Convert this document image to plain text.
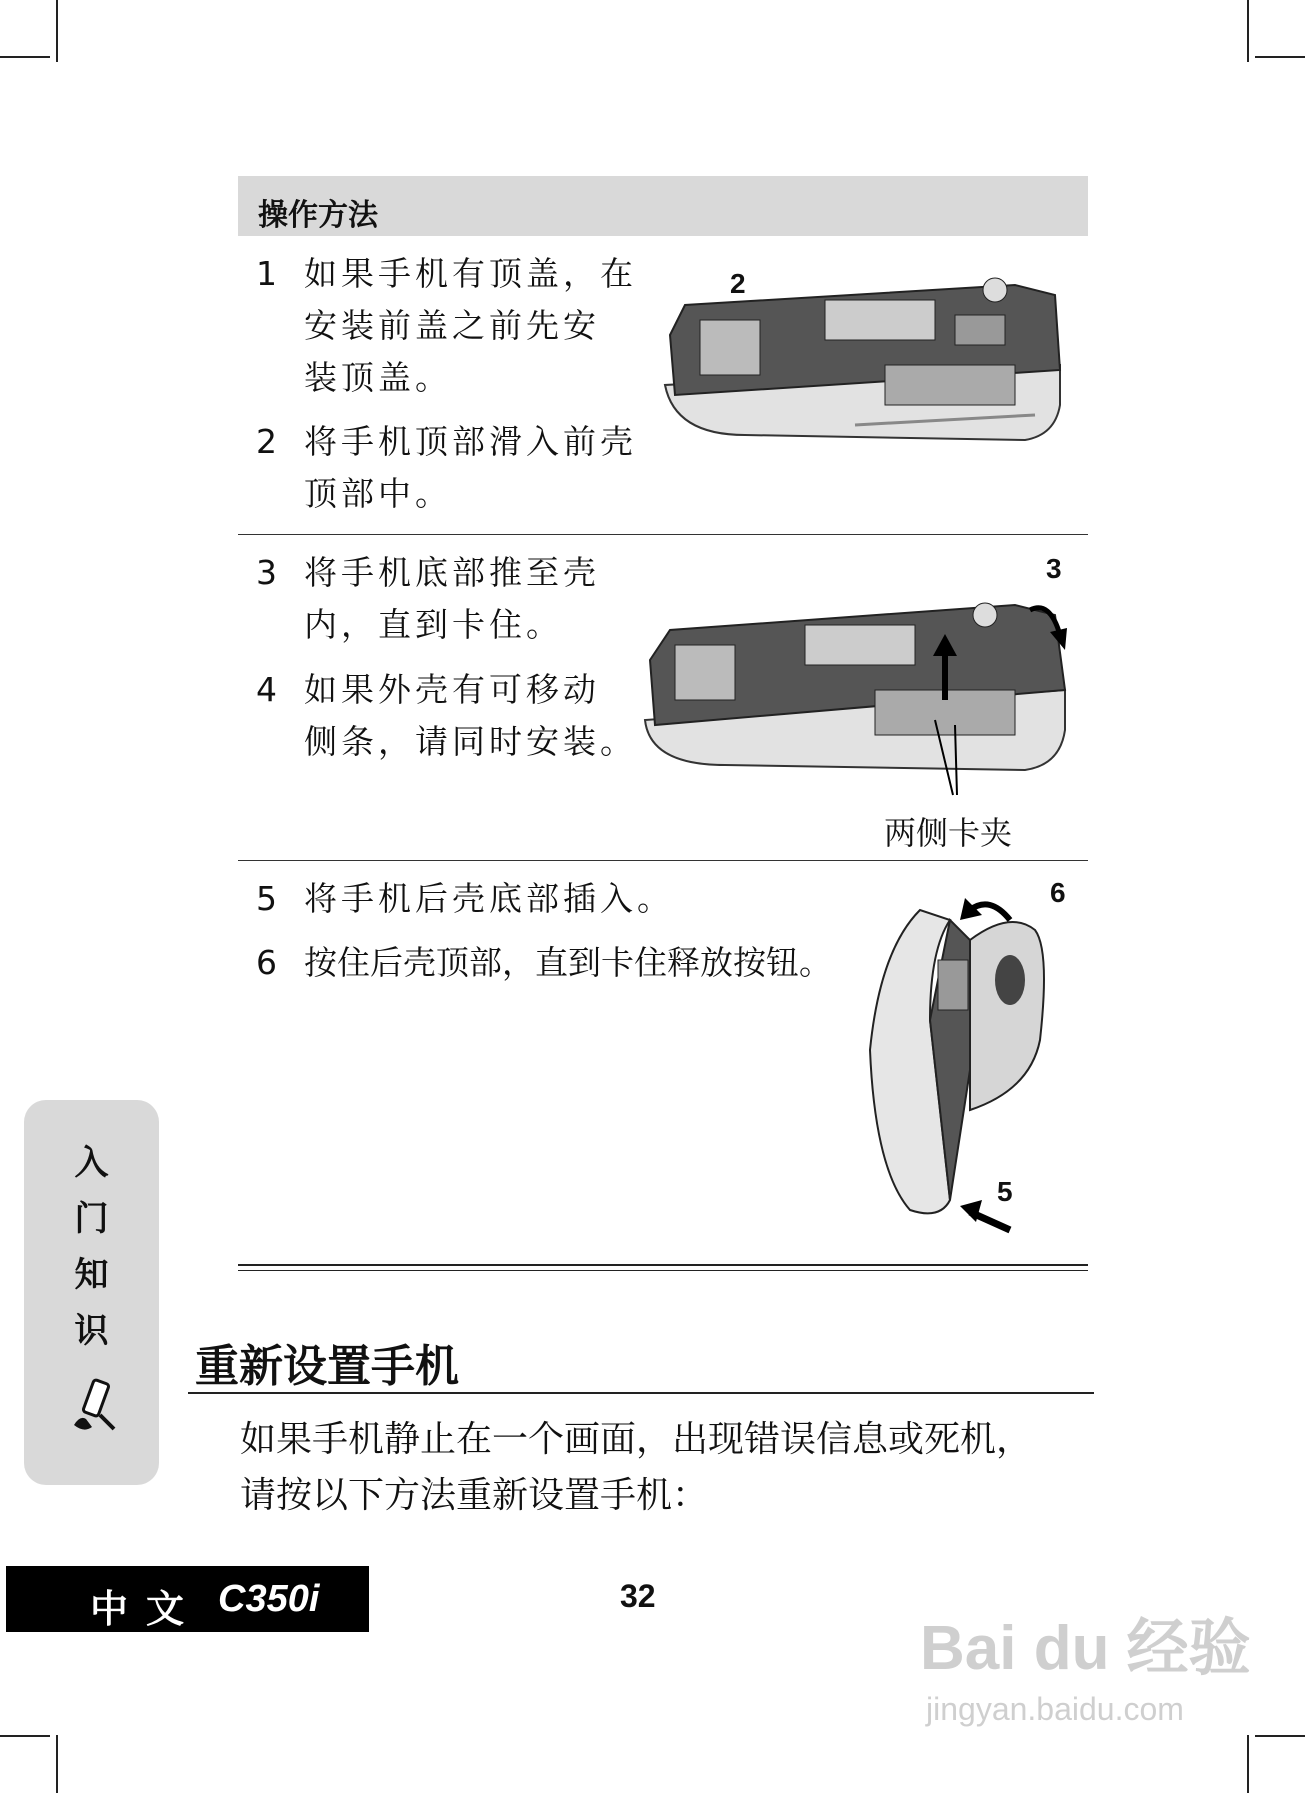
操作方法
1 如果手机有顶盖，在
安装前盖之前先安
装顶盖。
2 将手机顶部滑入前壳
顶部中。
2
3 将手机底部推至壳
内，直到卡住。
4 如果外壳有可移动
侧条，请同时安装。
3
两侧卡夹
5 将手机后壳底部插入。
6 按住后壳顶部，直到卡住释放按钮。
6
5
重新设置手机
如果手机静止在一个画面，出现错误信息或死机，
请按以下方法重新设置手机：
入
门
知
识
中文 C350i	32
Bai du 经验
jingyan.baidu.com
